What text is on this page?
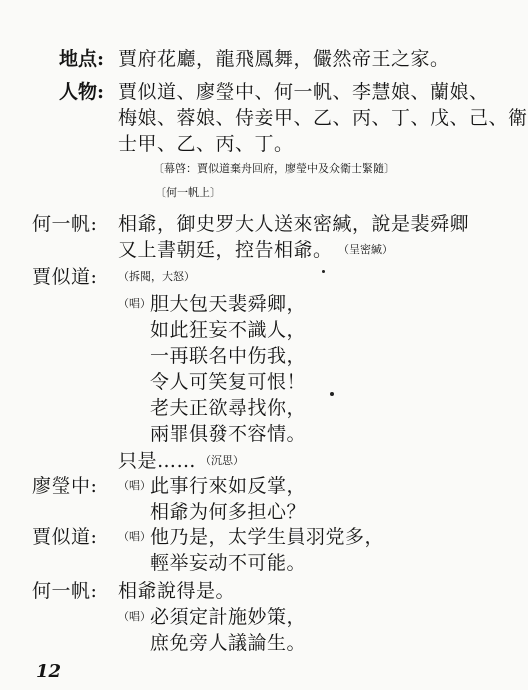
地点: 賈府花廳，龍飛鳳舞，儼然帝王之家。
人物: 賈似道、廖瑩中、何一帆、李慧娘、蘭娘、
梅娘、蓉娘、侍妾甲、乙、丙、丁、戊、己、衛
士甲、乙、丙、丁。
〔幕啓：賈似道棄舟回府，廖瑩中及众衛士緊隨〕
〔何一帆上〕
何一帆: 相爺，御史罗大人送來密緘，說是裴舜卿
又上書朝廷，控告相爺。 （呈密緘）
賈似道: （拆閱，大怒）
（唱） 胆大包天裴舜卿，
如此狂妄不識人，
一再联名中伤我，
令人可笑复可恨！
老夫正欲尋找你，
兩罪俱發不容情。
只是…… （沉思）
廖瑩中: （唱） 此事行來如反掌，
相爺为何多担心？
賈似道: （唱） 他乃是，太学生員羽党多，
輕举妄动不可能。
何一帆: 相爺說得是。
（唱） 必須定計施妙策，
庶免旁人議論生。
12
